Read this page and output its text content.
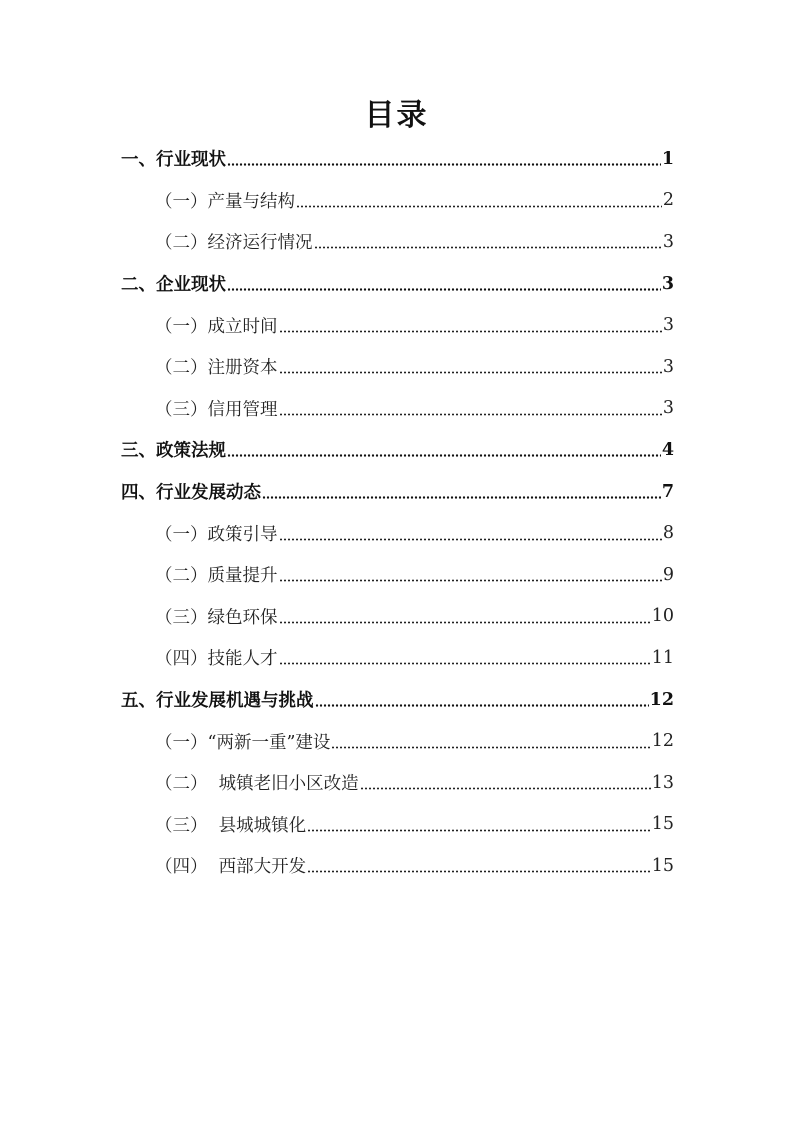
目录
一、行业现状	1
（一）产量与结构	2
（二）经济运行情况	3
二、企业现状	3
（一）成立时间	3
（二）注册资本	3
（三）信用管理	3
三、政策法规	4
四、行业发展动态	7
（一）政策引导	8
（二）质量提升	9
（三）绿色环保	10
（四）技能人才	11
五、行业发展机遇与挑战	12
（一）“两新一重”建设	12
（二）  城镇老旧小区改造	13
（三）  县城城镇化	15
（四）  西部大开发	15
